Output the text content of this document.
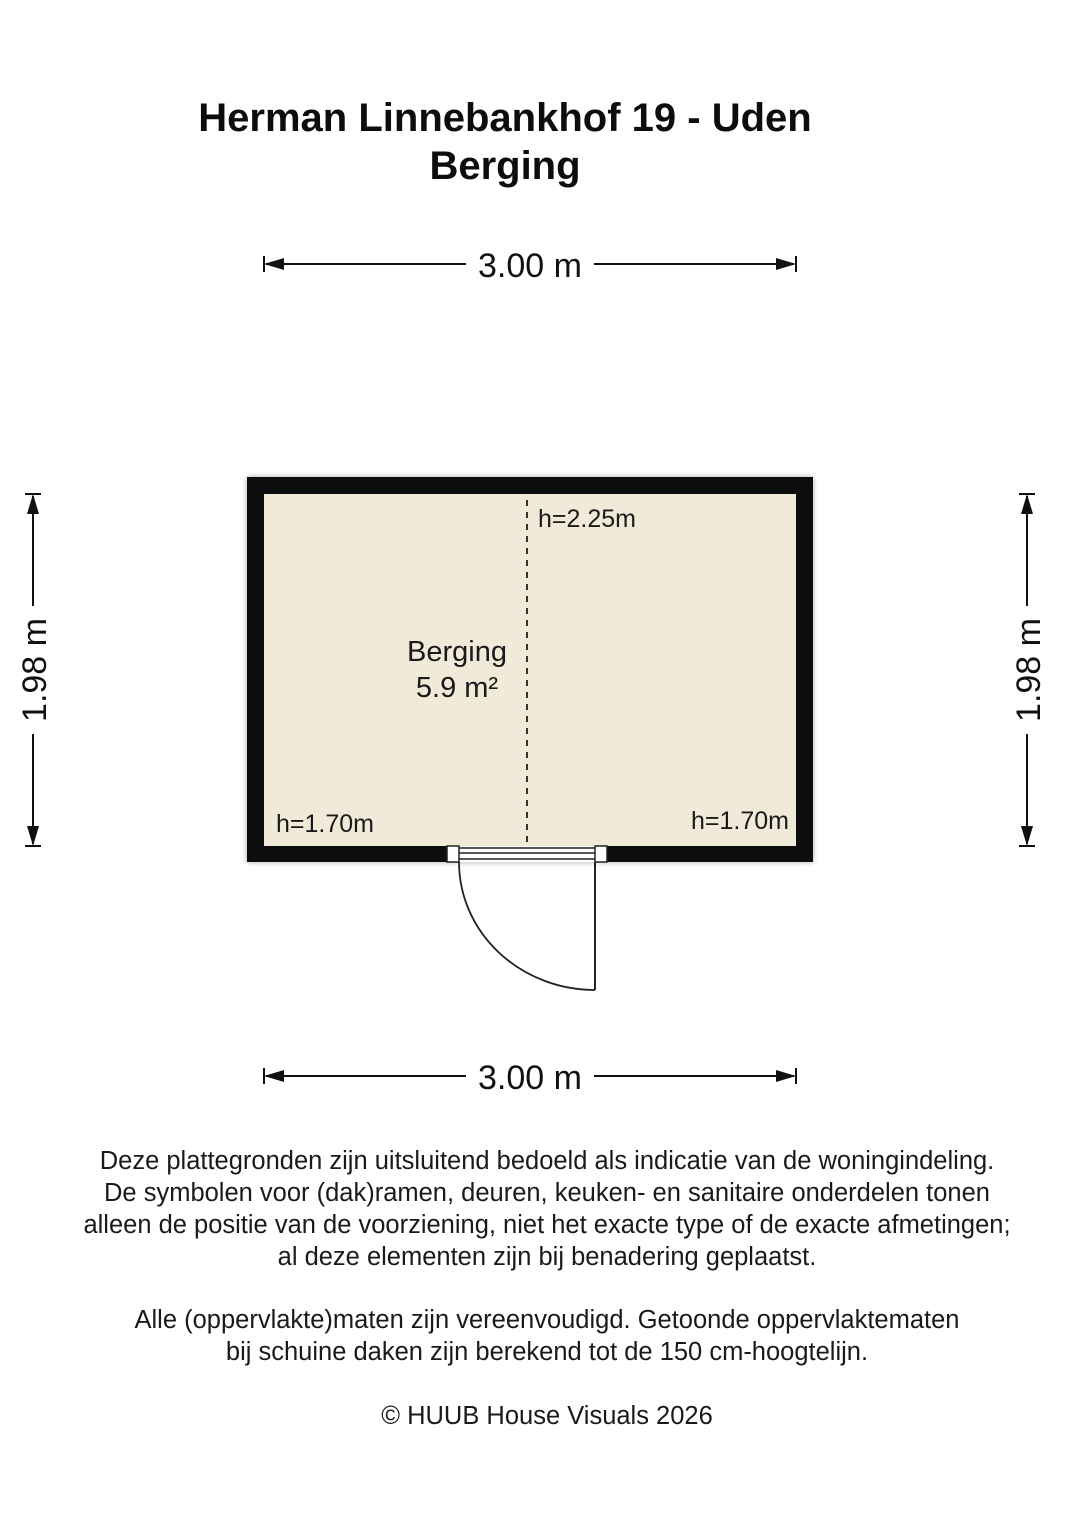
Herman Linnebankhof 19 - Uden
Berging
3.00 m
3.00 m
1.98 m	1.98 m
Berging
5.9 m²
h=2.25m
h=1.70m	h=1.70m
Deze plattegronden zijn uitsluitend bedoeld als indicatie van de woningindeling.
De symbolen voor (dak)ramen, deuren, keuken- en sanitaire onderdelen tonen
alleen de positie van de voorziening, niet het exacte type of de exacte afmetingen;
al deze elementen zijn bij benadering geplaatst.
Alle (oppervlakte)maten zijn vereenvoudigd. Getoonde oppervlaktematen
bij schuine daken zijn berekend tot de 150 cm-hoogtelijn.
© HUUB House Visuals 2026
